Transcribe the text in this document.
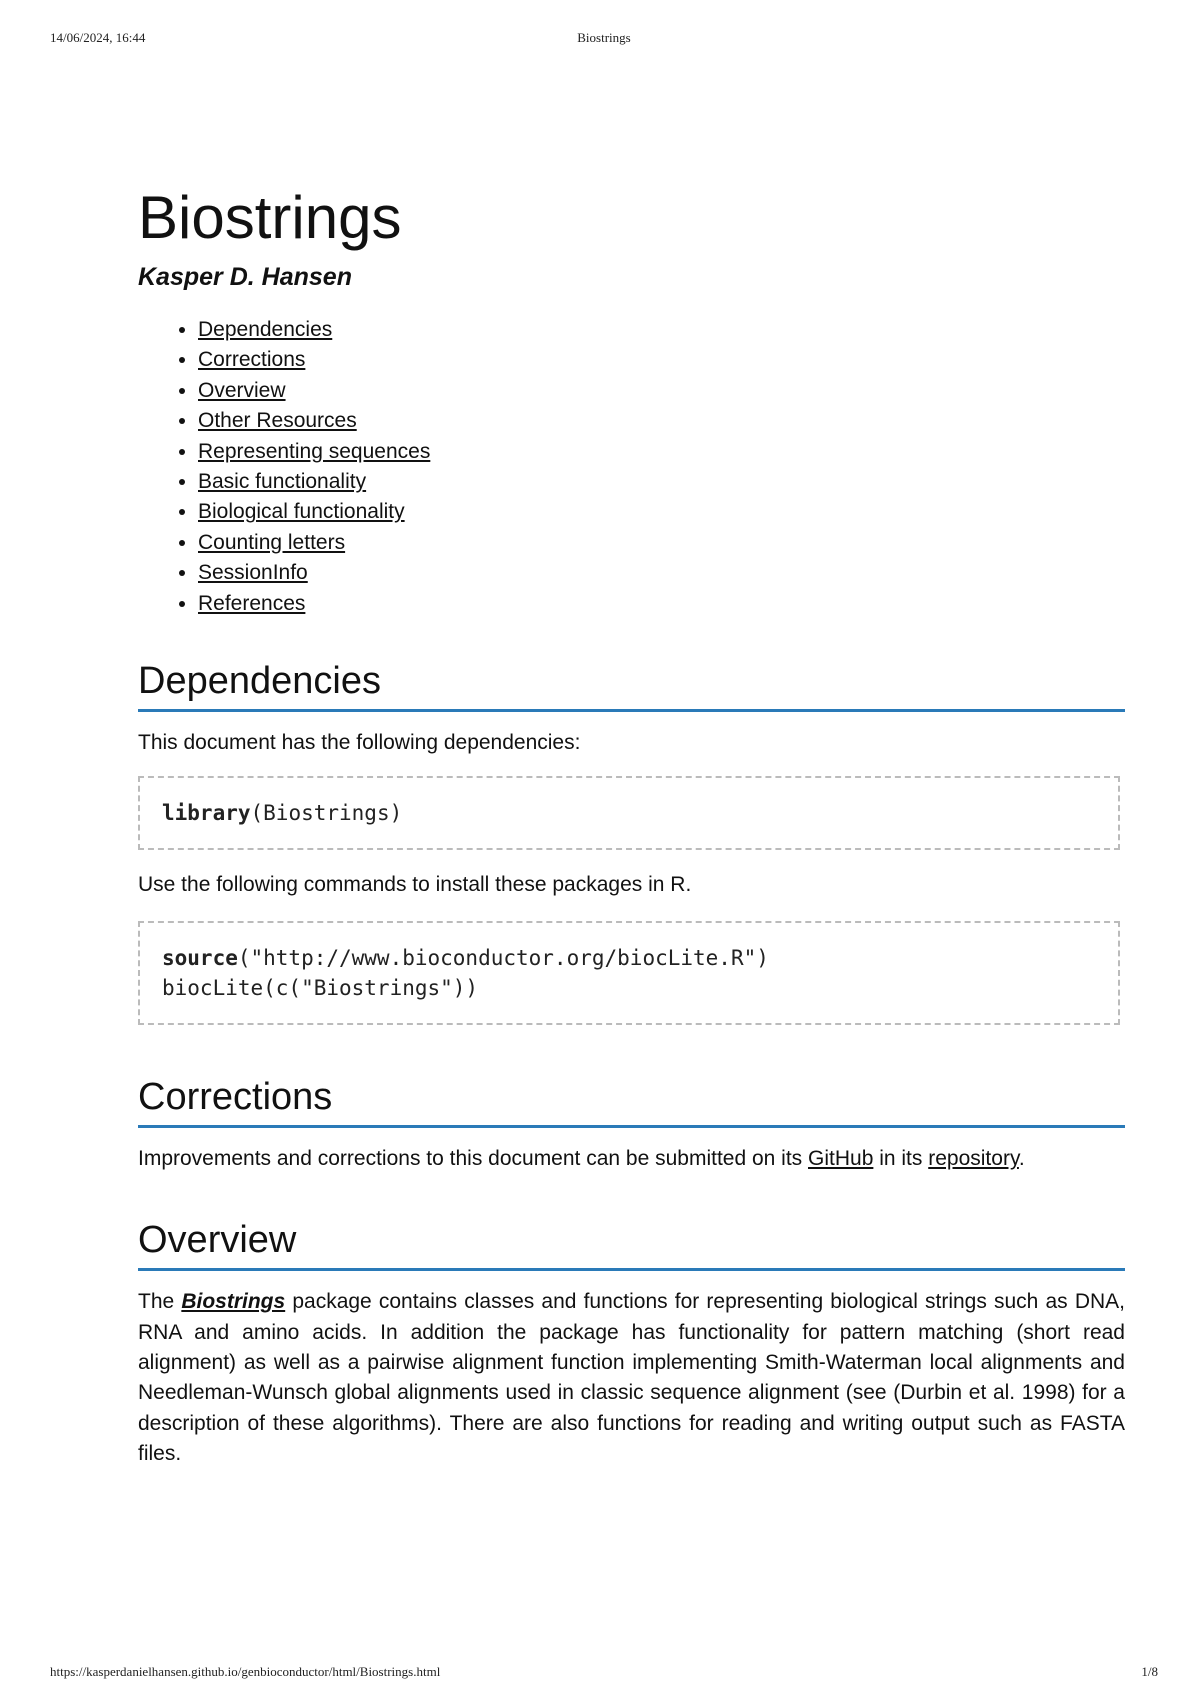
14/06/2024, 16:44	Biostrings
Biostrings
Kasper D. Hansen
• Dependencies
• Corrections
• Overview
• Other Resources
• Representing sequences
• Basic functionality
• Biological functionality
• Counting letters
• SessionInfo
• References
Dependencies

This document has the following dependencies:

library(Biostrings)

Use the following commands to install these packages in R.

source("http://www.bioconductor.org/biocLite.R")
biocLite(c("Biostrings"))
Corrections

Improvements and corrections to this document can be submitted on its GitHub in its repository.

Overview

The Biostrings package contains classes and functions for representing biological strings such as DNA, RNA and amino acids. In addition the package has functionality for pattern matching (short read alignment) as well as a pairwise alignment function implementing Smith-Waterman local alignments and Needleman-Wunsch global alignments used in classic sequence alignment (see (Durbin et al. 1998) for a description of these algorithms). There are also functions for reading and writing output such as FASTA files.

https://kasperdanielhansen.github.io/genbioconductor/html/Biostrings.html	1/8
